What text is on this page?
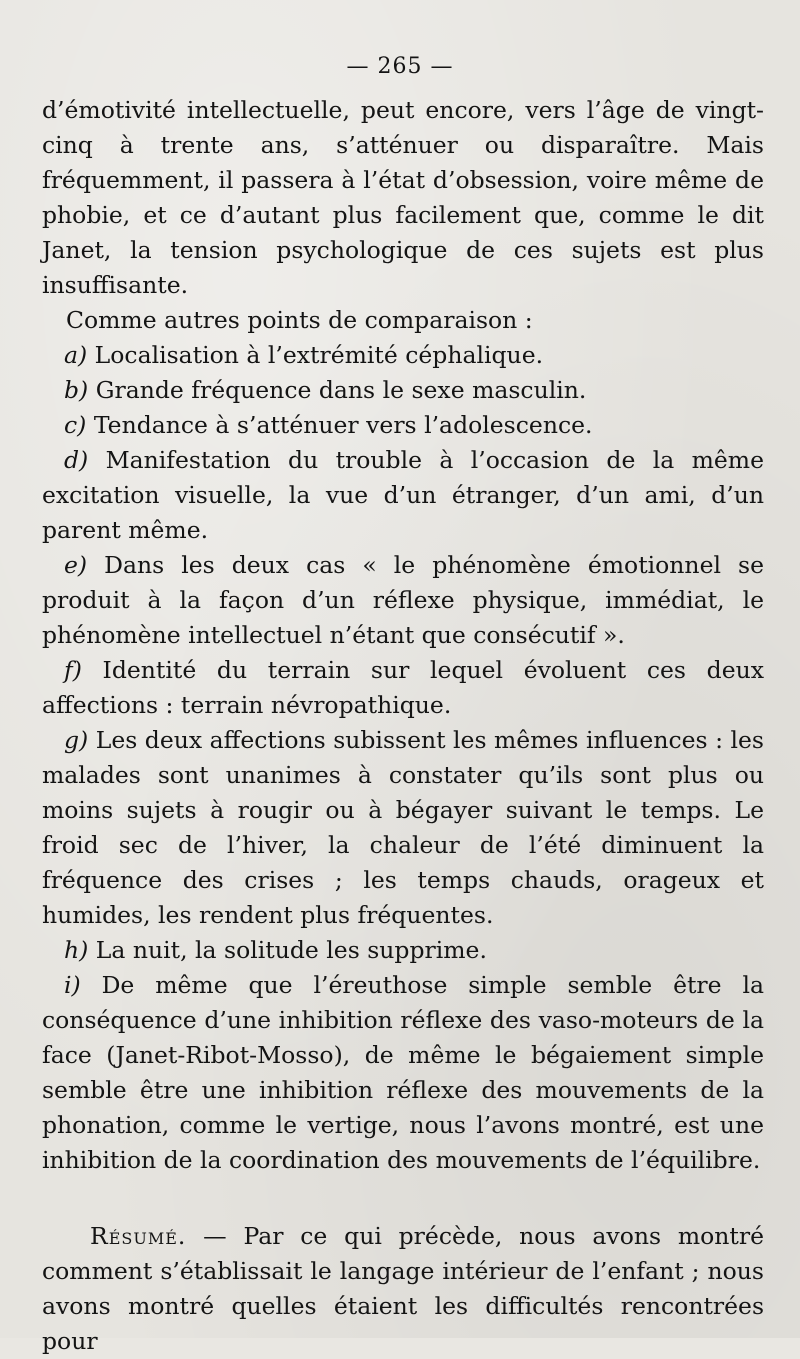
— 265 —

d’émotivité intellectuelle, peut encore, vers l’âge de vingt-cinq à trente ans, s’atténuer ou disparaître. Mais fréquemment, il passera à l’état d’obsession, voire même de phobie, et ce d’autant plus facilement que, comme le dit Janet, la tension psychologique de ces sujets est plus insuffisante.

Comme autres points de comparaison :

a) Localisation à l’extrémité céphalique.

b) Grande fréquence dans le sexe masculin.

c) Tendance à s’atténuer vers l’adolescence.

d) Manifestation du trouble à l’occasion de la même excitation visuelle, la vue d’un étranger, d’un ami, d’un parent même.

e) Dans les deux cas « le phénomène émotionnel se produit à la façon d’un réflexe physique, immédiat, le phénomène intellectuel n’étant que consécutif ».

f) Identité du terrain sur lequel évoluent ces deux affections : terrain névropathique.

g) Les deux affections subissent les mêmes influences : les malades sont unanimes à constater qu’ils sont plus ou moins sujets à rougir ou à bégayer suivant le temps. Le froid sec de l’hiver, la chaleur de l’été diminuent la fréquence des crises ; les temps chauds, orageux et humides, les rendent plus fréquentes.

h) La nuit, la solitude les supprime.

i) De même que l’éreuthose simple semble être la conséquence d’une inhibition réflexe des vaso-moteurs de la face (Janet-Ribot-Mosso), de même le bégaiement simple semble être une inhibition réflexe des mouvements de la phonation, comme le vertige, nous l’avons montré, est une inhibition de la coordination des mouvements de l’équilibre.

Résumé. — Par ce qui précède, nous avons montré comment s’établissait le langage intérieur de l’enfant ; nous avons montré quelles étaient les difficultés rencontrées pour
